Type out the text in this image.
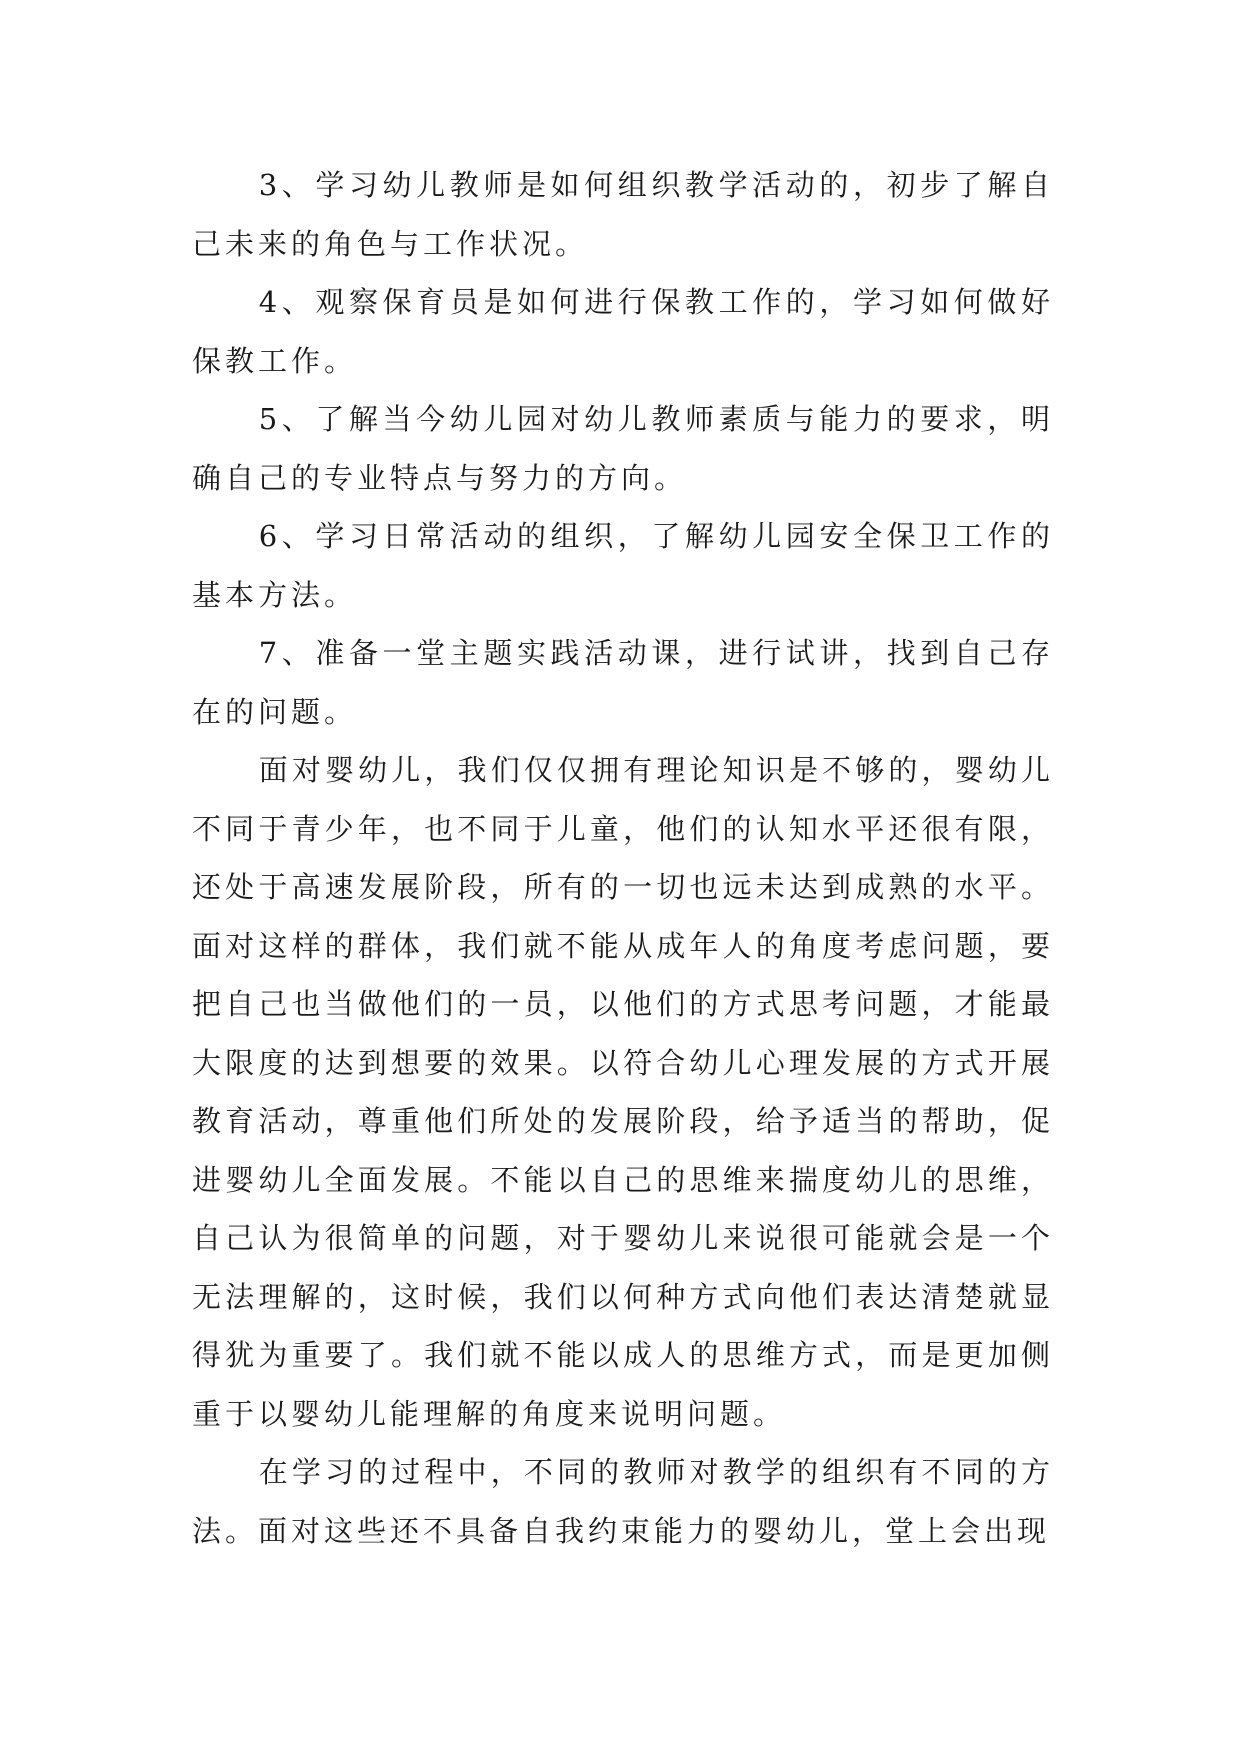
3、学习幼儿教师是如何组织教学活动的，初步了解自己未来的角色与工作状况。

4、观察保育员是如何进行保教工作的，学习如何做好保教工作。

5、了解当今幼儿园对幼儿教师素质与能力的要求，明确自己的专业特点与努力的方向。

6、学习日常活动的组织，了解幼儿园安全保卫工作的基本方法。

7、准备一堂主题实践活动课，进行试讲，找到自己存在的问题。

面对婴幼儿，我们仅仅拥有理论知识是不够的，婴幼儿不同于青少年，也不同于儿童，他们的认知水平还很有限，还处于高速发展阶段，所有的一切也远未达到成熟的水平。面对这样的群体，我们就不能从成年人的角度考虑问题，要把自己也当做他们的一员，以他们的方式思考问题，才能最大限度的达到想要的效果。以符合幼儿心理发展的方式开展教育活动，尊重他们所处的发展阶段，给予适当的帮助，促进婴幼儿全面发展。不能以自己的思维来揣度幼儿的思维，自己认为很简单的问题，对于婴幼儿来说很可能就会是一个无法理解的，这时候，我们以何种方式向他们表达清楚就显得犹为重要了。我们就不能以成人的思维方式，而是更加侧重于以婴幼儿能理解的角度来说明问题。

在学习的过程中，不同的教师对教学的组织有不同的方法。面对这些还不具备自我约束能力的婴幼儿，堂上会出现
